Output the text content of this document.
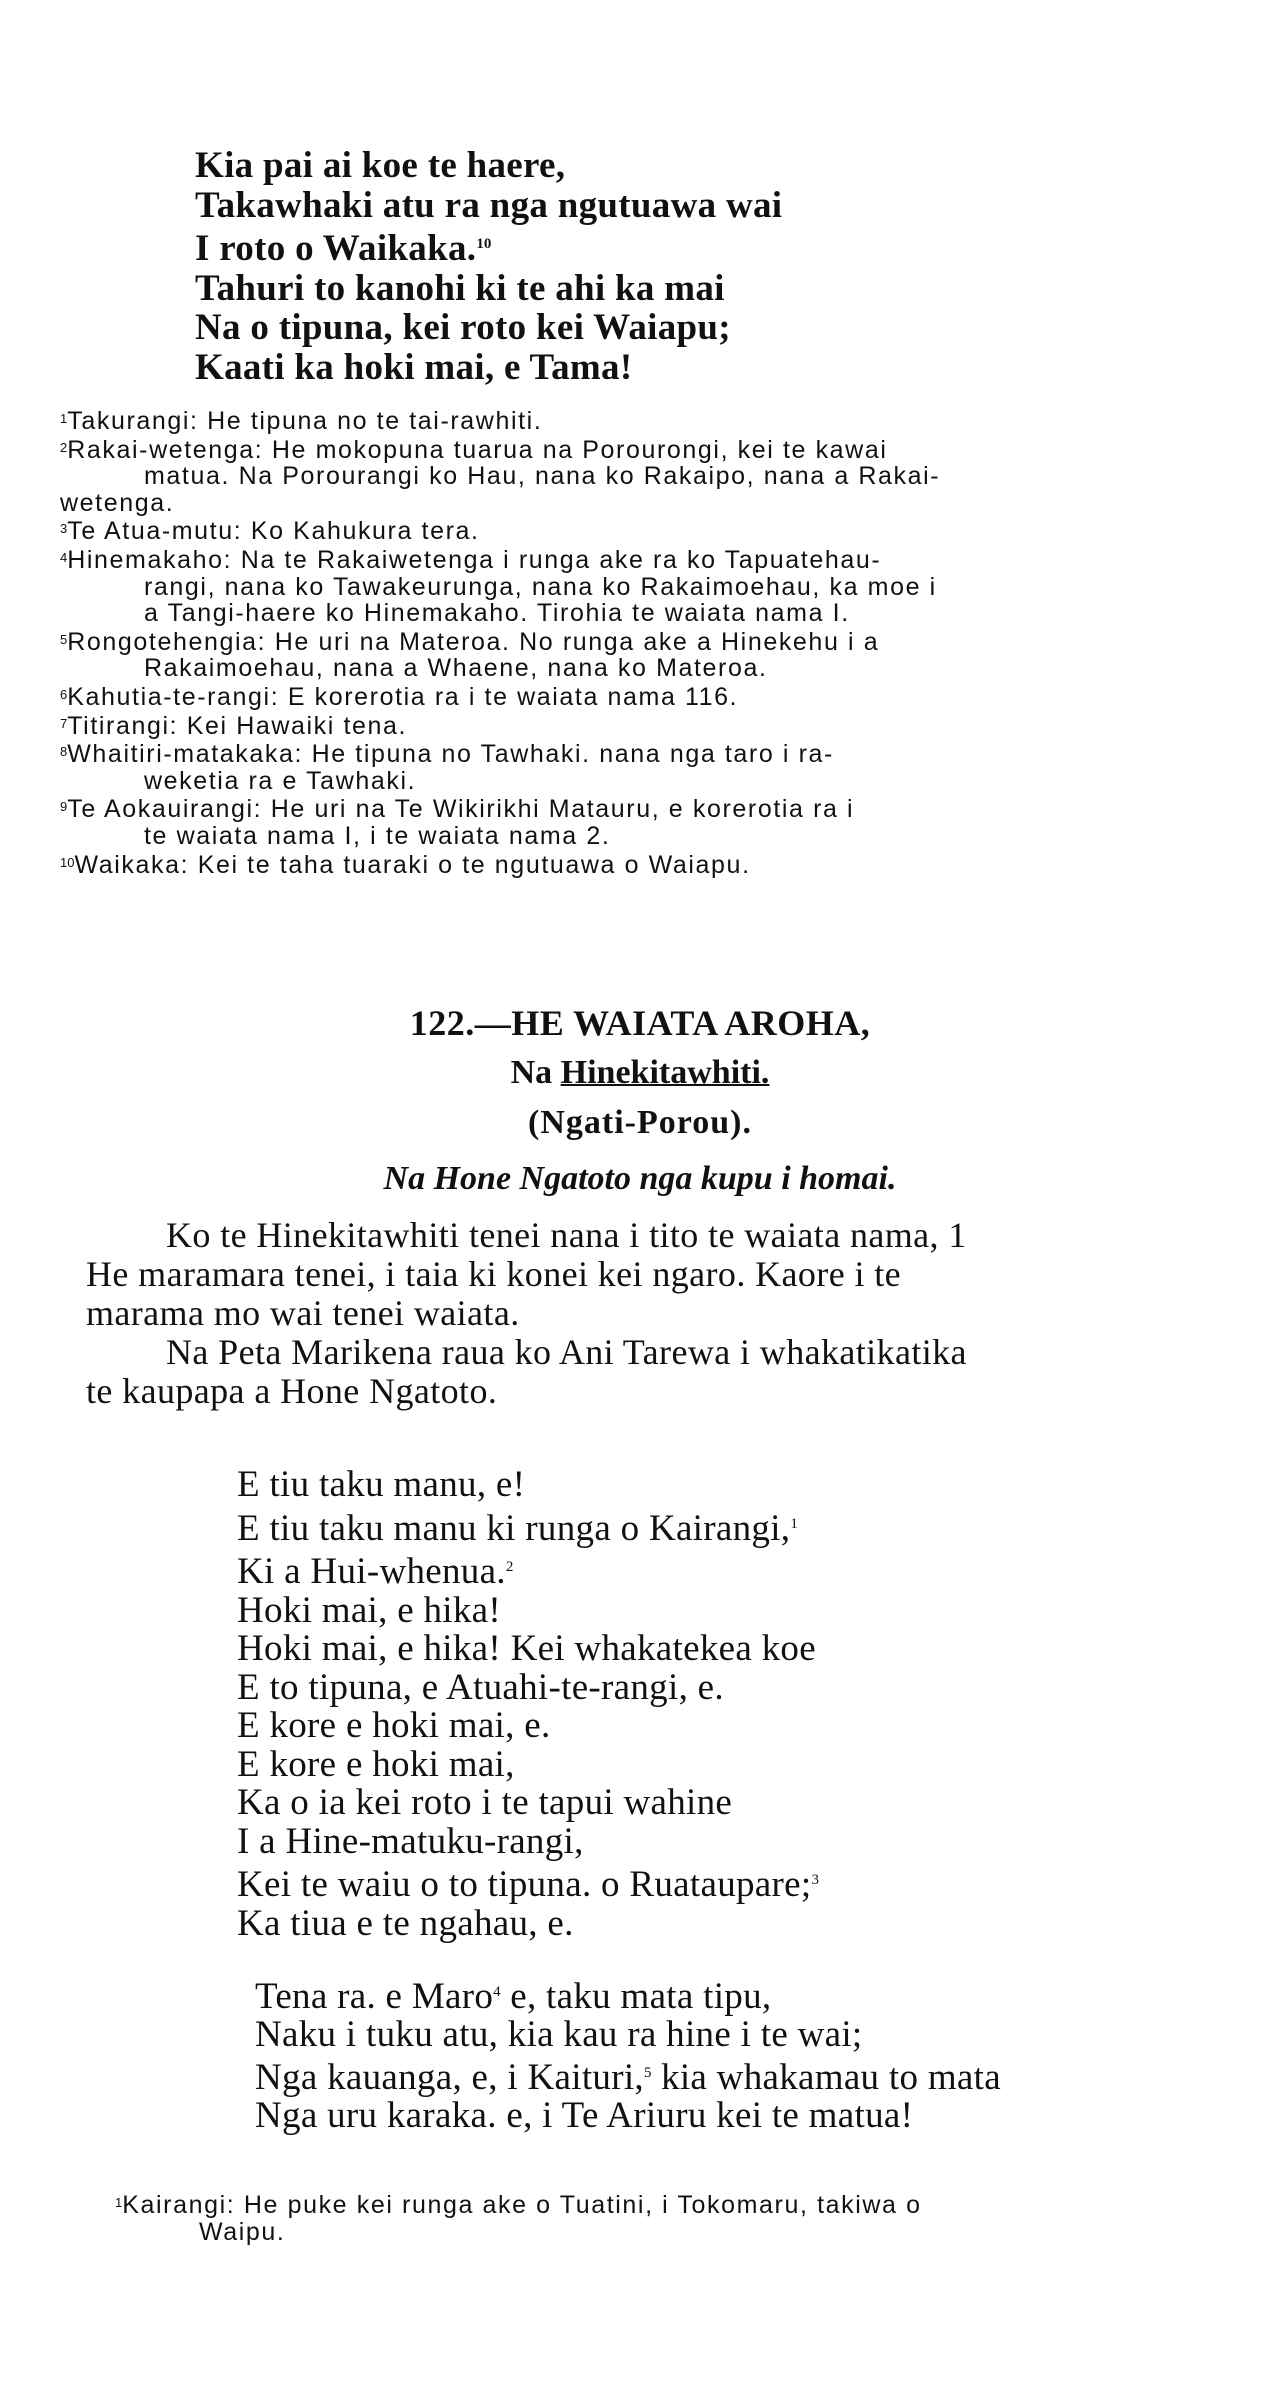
Kia pai ai koe te haere,
Takawhaki atu ra nga ngutuawa wai
I roto o Waikaka.$^{10}$
Tahuri to kanohi ki te ahi ka mai
Na o tipuna, kei roto kei Waiapu;
Kaati ka hoki mai, e Tama!
$^1$Takurangi: He tipuna no te tai-rawhiti.
$^2$Rakai-wetenga: He mokopuna tuarua na Porourongi, kei te kawai
matua. Na Porourangi ko Hau, nana ko Rakaipo, nana a Rakai-
wetenga.
$^3$Te Atua-mutu: Ko Kahukura tera.
$^4$Hinemakaho: Na te Rakaiwetenga i runga ake ra ko Tapuatehau-
rangi, nana ko Tawakeurunga, nana ko Rakaimoehau, ka moe i
a Tangi-haere ko Hinemakaho. Tirohia te waiata nama I.
$^5$Rongotehengia: He uri na Materoa. No runga ake a Hinekehu i a
Rakaimoehau, nana a Whaene, nana ko Materoa.
$^6$Kahutia-te-rangi: E korerotia ra i te waiata nama 116.
$^7$Titirangi: Kei Hawaiki tena.
$^8$Whaitiri-matakaka: He tipuna no Tawhaki. nana nga taro i ra-
weketia ra e Tawhaki.
$^9$Te Aokauirangi: He uri na Te Wikirikhi Matauru, e korerotia ra i
te waiata nama I, i te waiata nama 2.
$^{10}$Waikaka: Kei te taha tuaraki o te ngutuawa o Waiapu.
122.—HE WAIATA AROHA,
Na Hinekitawhiti.
(Ngati-Porou).
Na Hone Ngatoto nga kupu i homai.
Ko te Hinekitawhiti tenei nana i tito te waiata nama, 1
He maramara tenei, i taia ki konei kei ngaro. Kaore i te
marama mo wai tenei waiata.
Na Peta Marikena raua ko Ani Tarewa i whakatikatika
te kaupapa a Hone Ngatoto.
E tiu taku manu, e!
E tiu taku manu ki runga o Kairangi,$^1$
Ki a Hui-whenua.$^2$
Hoki mai, e hika!
Hoki mai, e hika! Kei whakatekea koe
E to tipuna, e Atuahi-te-rangi, e.
E kore e hoki mai, e.
E kore e hoki mai,
Ka o ia kei roto i te tapui wahine
I a Hine-matuku-rangi,
Kei te waiu o to tipuna. o Ruataupare;$^3$
Ka tiua e te ngahau, e.
Tena ra. e Maro$^4$ e, taku mata tipu,
Naku i tuku atu, kia kau ra hine i te wai;
Nga kauanga, e, i Kaituri,$^5$ kia whakamau to mata
Nga uru karaka. e, i Te Ariuru kei te matua!
$^1$Kairangi: He puke kei runga ake o Tuatini, i Tokomaru, takiwa o
Waipu.
